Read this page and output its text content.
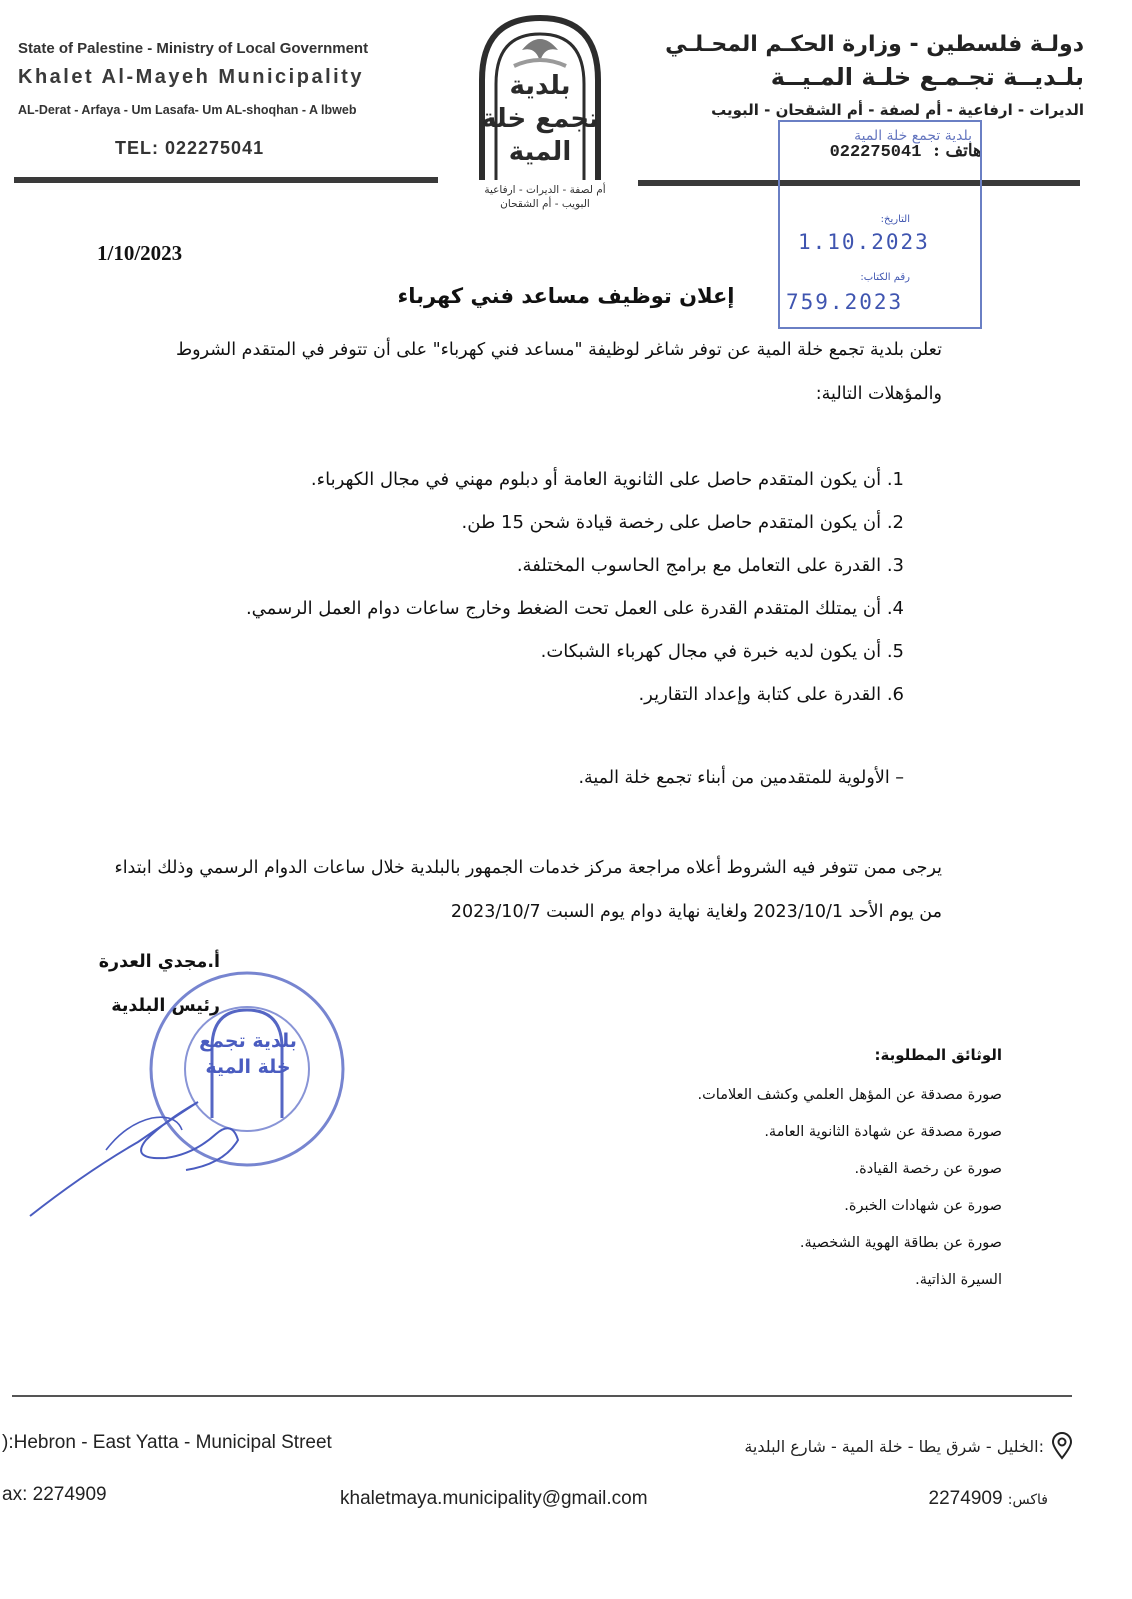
State of Palestine - Ministry of Local Government
Khalet Al-Mayeh Municipality
AL-Derat - Arfaya - Um Lasafa- Um AL-shoqhan - A lbweb
TEL: 022275041
دولـة فلسطين - وزارة الحكـم المحـلـي
بلـديــة تجـمـع خلـة المـيــة
الديرات - ارفاعية - أم لصفة - أم الشقحان - البويب
هاتف : 022275041
بلدية تجمع خلة المية
أم لصفة - الديرات - ارفاعية
البويب - أم الشقحان
بلدية تجمع خلة المية
التاريخ:
1.10.2023
رقم الكتاب:
759.2023
1/10/2023
إعلان توظيف مساعد فني كهرباء
تعلن بلدية تجمع خلة المية عن توفر شاغر لوظيفة "مساعد فني كهرباء" على أن تتوفر في المتقدم الشروط والمؤهلات التالية:
1. أن يكون المتقدم حاصل على الثانوية العامة أو دبلوم مهني في مجال الكهرباء.
2. أن يكون المتقدم حاصل على رخصة قيادة شحن 15 طن.
3. القدرة على التعامل مع برامج الحاسوب المختلفة.
4. أن يمتلك المتقدم القدرة على العمل تحت الضغط وخارج ساعات دوام العمل الرسمي.
5. أن يكون لديه خبرة في مجال كهرباء الشبكات.
6. القدرة على كتابة وإعداد التقارير.
– الأولوية للمتقدمين من أبناء تجمع خلة المية.
يرجى ممن تتوفر فيه الشروط أعلاه مراجعة مركز خدمات الجمهور بالبلدية خلال ساعات الدوام الرسمي وذلك ابتداء من يوم الأحد 2023/10/1 ولغاية نهاية دوام يوم السبت 2023/10/7
أ.مجدي العدرة
رئيس البلدية
بلدية تجمع خلة المية
الوثائق المطلوبة:
صورة مصدقة عن المؤهل العلمي وكشف العلامات.
صورة مصدقة عن شهادة الثانوية العامة.
صورة عن رخصة القيادة.
صورة عن شهادات الخبرة.
صورة عن بطاقة الهوية الشخصية.
السيرة الذاتية.
):Hebron - East Yatta - Municipal Street
ax: 2274909	khaletmaya.municipality@gmail.com
:الخليل - شرق يطا - خلة المية - شارع البلدية
فاكس: 2274909
